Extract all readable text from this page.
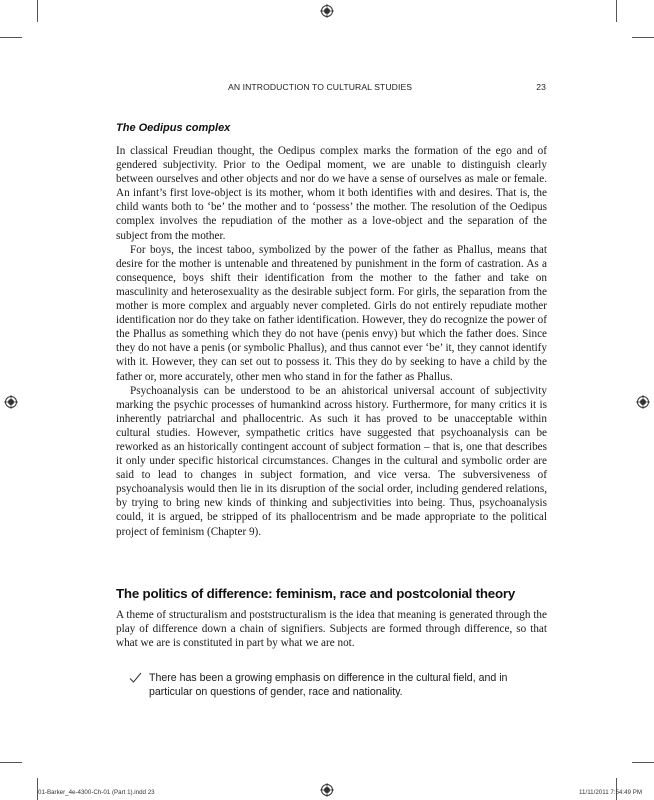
AN INTRODUCTION TO CULTURAL STUDIES	23
The Oedipus complex

In classical Freudian thought, the Oedipus complex marks the formation of the ego and of gendered subjectivity. Prior to the Oedipal moment, we are unable to distinguish clearly between ourselves and other objects and nor do we have a sense of ourselves as male or female. An infant’s first love-object is its mother, whom it both identifies with and desires. That is, the child wants both to ‘be’ the mother and to ‘possess’ the mother. The resolution of the Oedipus complex involves the repudiation of the mother as a love-object and the separation of the subject from the mother.

For boys, the incest taboo, symbolized by the power of the father as Phallus, means that desire for the mother is untenable and threatened by punishment in the form of castration. As a consequence, boys shift their identification from the mother to the father and take on masculinity and heterosexuality as the desirable subject form. For girls, the separation from the mother is more complex and arguably never completed. Girls do not entirely repudiate mother identification nor do they take on father identification. However, they do recognize the power of the Phallus as something which they do not have (penis envy) but which the father does. Since they do not have a penis (or symbolic Phallus), and thus cannot ever ‘be’ it, they cannot identify with it. However, they can set out to possess it. This they do by seeking to have a child by the father or, more accurately, other men who stand in for the father as Phallus.

Psychoanalysis can be understood to be an ahistorical universal account of subjectivity marking the psychic processes of humankind across history. Furthermore, for many critics it is inherently patriarchal and phallocentric. As such it has proved to be unacceptable within cultural studies. However, sympathetic critics have suggested that psychoanalysis can be reworked as an historically contingent account of subject formation – that is, one that describes it only under specific historical circumstances. Changes in the cultural and symbolic order are said to lead to changes in subject formation, and vice versa. The subversiveness of psychoanalysis would then lie in its disruption of the social order, including gendered relations, by trying to bring new kinds of thinking and subjectivities into being. Thus, psychoanalysis could, it is argued, be stripped of its phallocentrism and be made appropriate to the political project of feminism (Chapter 9).

The politics of difference: feminism, race and postcolonial theory

A theme of structuralism and poststructuralism is the idea that meaning is generated through the play of difference down a chain of signifiers. Subjects are formed through difference, so that what we are is constituted in part by what we are not.

There has been a growing emphasis on difference in the cultural field, and in particular on questions of gender, race and nationality.
01-Barker_4e-4300-Ch-01 (Part 1).indd 23	11/11/2011 7:54:49 PM
